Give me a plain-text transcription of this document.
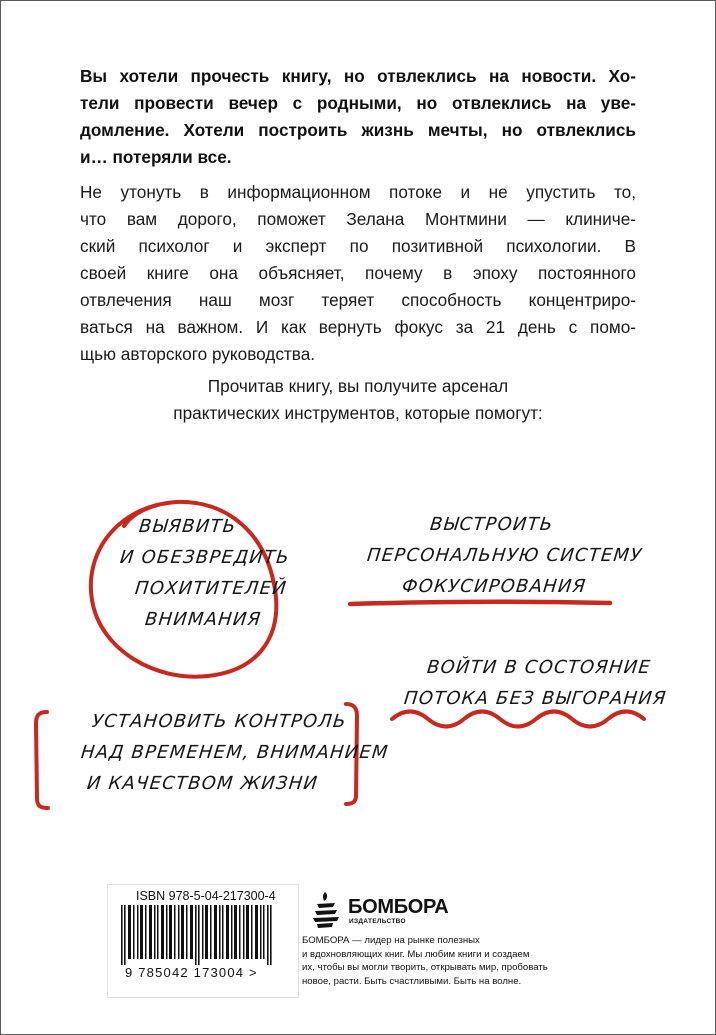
Вы хотели прочесть книгу, но отвлеклись на новости. Хо-
тели провести вечер с родными, но отвлеклись на уве-
домление. Хотели построить жизнь мечты, но отвлеклись
и… потеряли все.
Не утонуть в информационном потоке и не упустить то,
что вам дорого, поможет Зелана Монтмини — клиниче-
ский психолог и эксперт по позитивной психологии. В
своей книге она объясняет, почему в эпоху постоянного
отвлечения наш мозг теряет способность концентриро-
ваться на важном. И как вернуть фокус за 21 день с помо-
щью авторского руководства.
Прочитав книгу, вы получите арсенал
практических инструментов, которые помогут:
ВЫЯВИТЬ
И ОБЕЗВРЕДИТЬ
ПОХИТИТЕЛЕЙ
ВНИМАНИЯ
ВЫСТРОИТЬ
ПЕРСОНАЛЬНУЮ СИСТЕМУ
ФОКУСИРОВАНИЯ
ВОЙТИ В СОСТОЯНИЕ
ПОТОКА БЕЗ ВЫГОРАНИЯ
УСТАНОВИТЬ КОНТРОЛЬ
НАД ВРЕМЕНЕМ, ВНИМАНИЕМ
И КАЧЕСТВОМ ЖИЗНИ
ISBN 978-5-04-217300-4
9 785042 173004 >
БОМБОРА
ИЗДАТЕЛЬСТВО
БОМБОРА — лидер на рынке полезных
и вдохновляющих книг. Мы любим книги и создаем
их, чтобы вы могли творить, открывать мир, пробовать
новое, расти. Быть счастливыми. Быть на волне.
